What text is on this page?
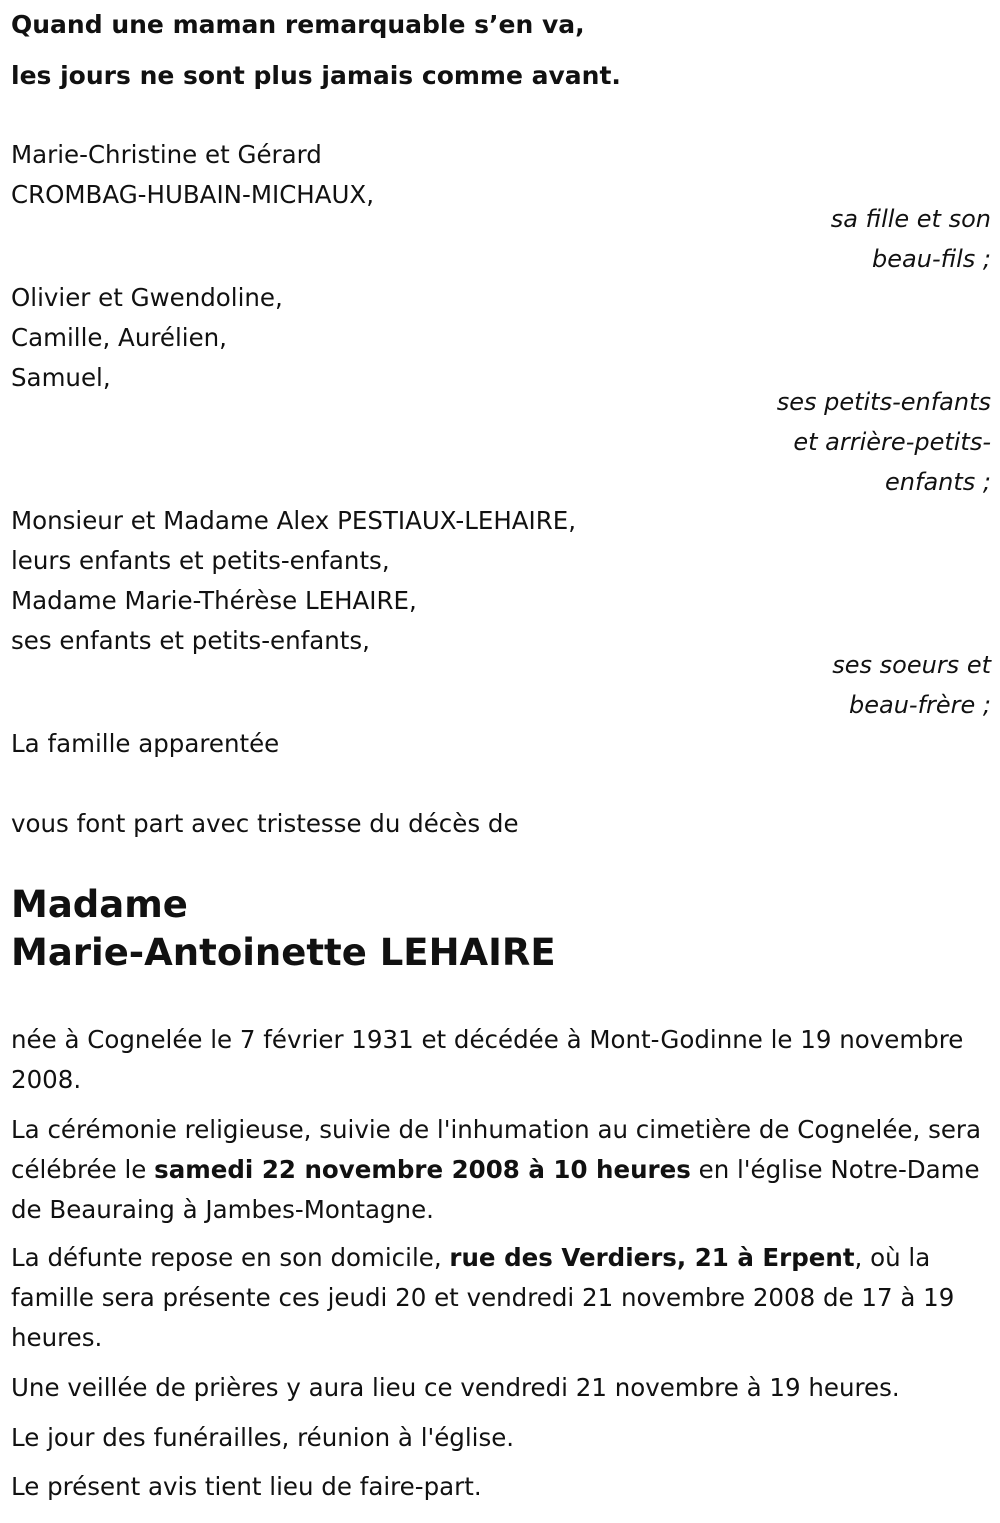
Quand une maman remarquable s’en va,

les jours ne sont plus jamais comme avant.

Marie-Christine et Gérard
CROMBAG-HUBAIN-MICHAUX,
sa fille et son
beau-fils ;
Olivier et Gwendoline,
Camille, Aurélien,
Samuel,
ses petits-enfants
et arrière-petits-
enfants ;
Monsieur et Madame Alex PESTIAUX-LEHAIRE,
leurs enfants et petits-enfants,
Madame Marie-Thérèse LEHAIRE,
ses enfants et petits-enfants,
ses soeurs et
beau-frère ;
La famille apparentée
vous font part avec tristesse du décès de
Madame
Marie-Antoinette LEHAIRE

née à Cognelée le 7 février 1931 et décédée à Mont-Godinne le 19 novembre 2008.

La cérémonie religieuse, suivie de l'inhumation au cimetière de Cognelée, sera célébrée le samedi 22 novembre 2008 à 10 heures en l'église Notre-Dame de Beauraing à Jambes-Montagne.

La défunte repose en son domicile, rue des Verdiers, 21 à Erpent, où la famille sera présente ces jeudi 20 et vendredi 21 novembre 2008 de 17 à 19 heures.

Une veillée de prières y aura lieu ce vendredi 21 novembre à 19 heures.

Le jour des funérailles, réunion à l'église.

Le présent avis tient lieu de faire-part.
